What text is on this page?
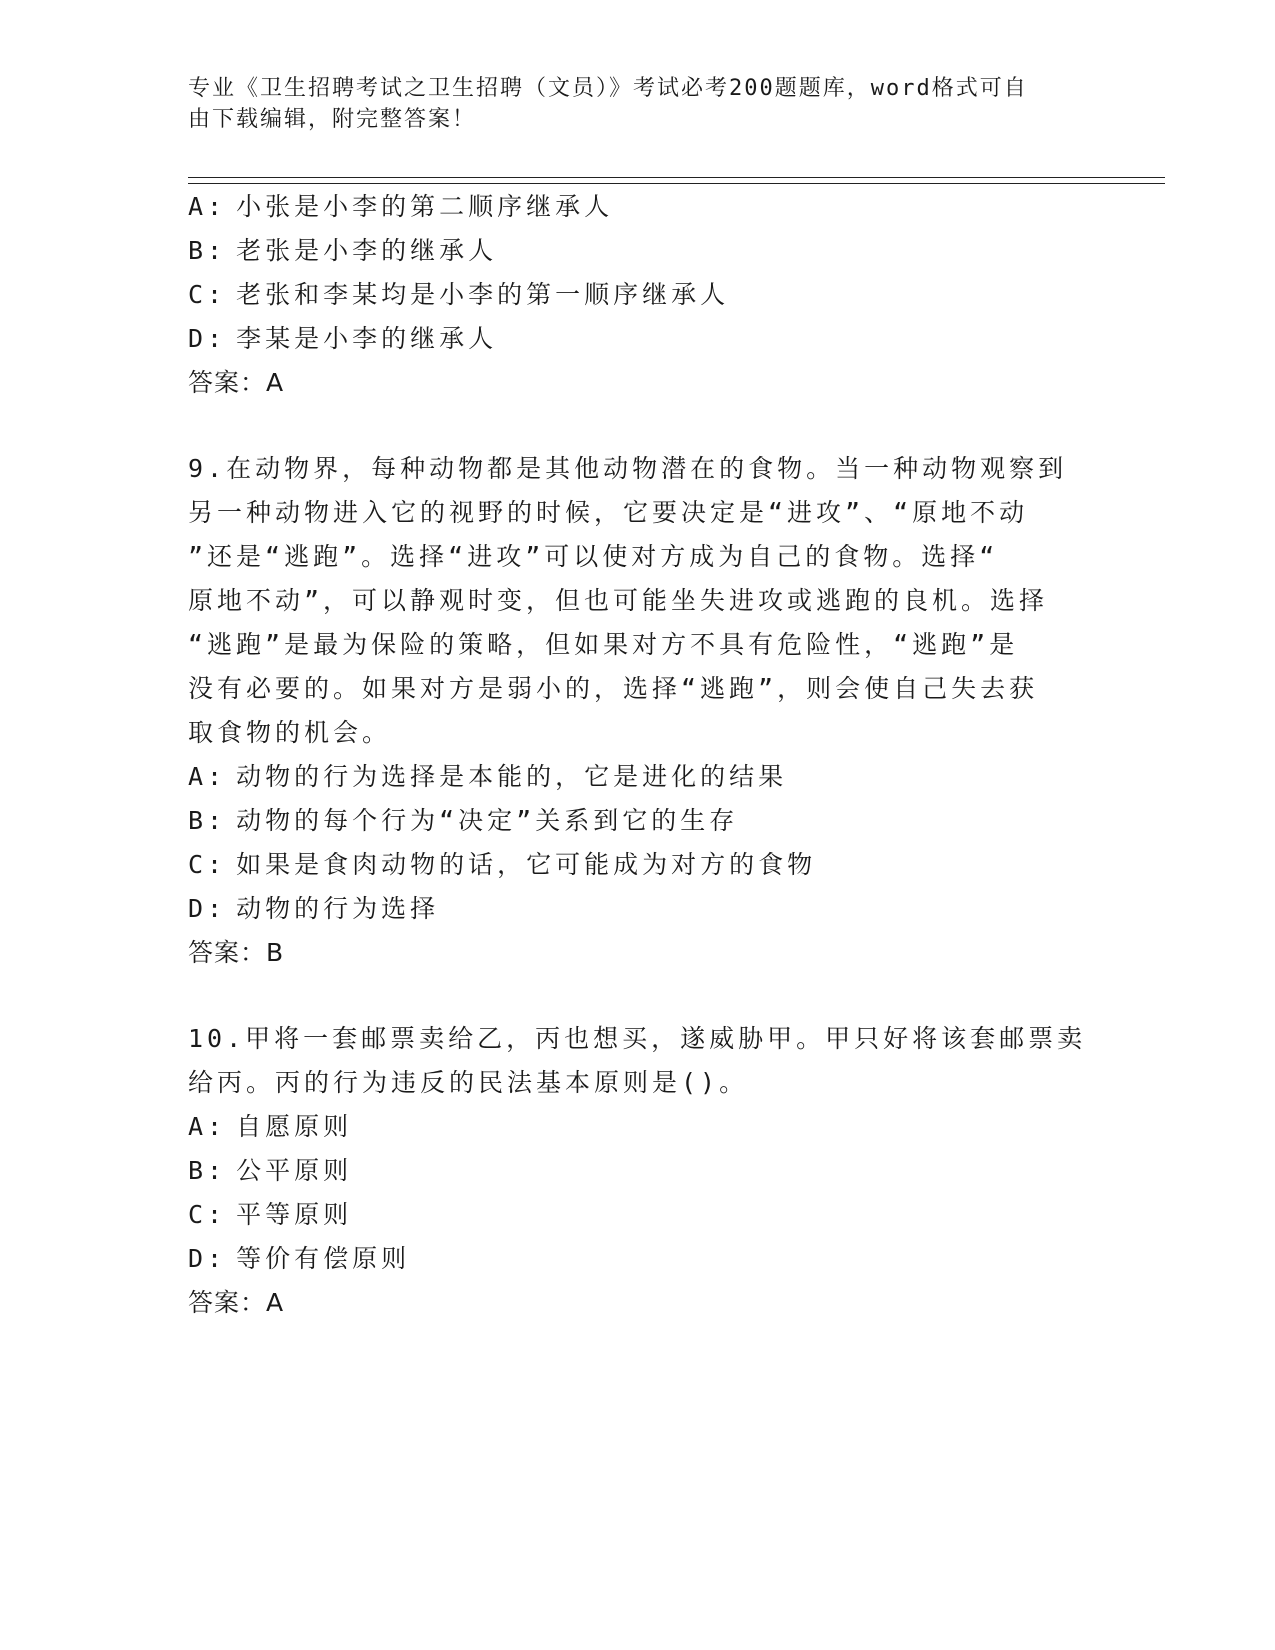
专业《卫生招聘考试之卫生招聘（文员）》考试必考200题题库，word格式可自
由下载编辑，附完整答案！
A: 小张是小李的第二顺序继承人
B: 老张是小李的继承人
C: 老张和李某均是小李的第一顺序继承人
D: 李某是小李的继承人
答案：A
9.在动物界，每种动物都是其他动物潜在的食物。当一种动物观察到
另一种动物进入它的视野的时候，它要决定是“进攻”、“原地不动
”还是“逃跑”。选择“进攻”可以使对方成为自己的食物。选择“
原地不动”，可以静观时变，但也可能坐失进攻或逃跑的良机。选择
“逃跑”是最为保险的策略，但如果对方不具有危险性，“逃跑”是
没有必要的。如果对方是弱小的，选择“逃跑”，则会使自己失去获
取食物的机会。
A: 动物的行为选择是本能的，它是进化的结果
B: 动物的每个行为“决定”关系到它的生存
C: 如果是食肉动物的话，它可能成为对方的食物
D: 动物的行为选择
答案：B
10.甲将一套邮票卖给乙，丙也想买，遂威胁甲。甲只好将该套邮票卖
给丙。丙的行为违反的民法基本原则是()。
A: 自愿原则
B: 公平原则
C: 平等原则
D: 等价有偿原则
答案：A
